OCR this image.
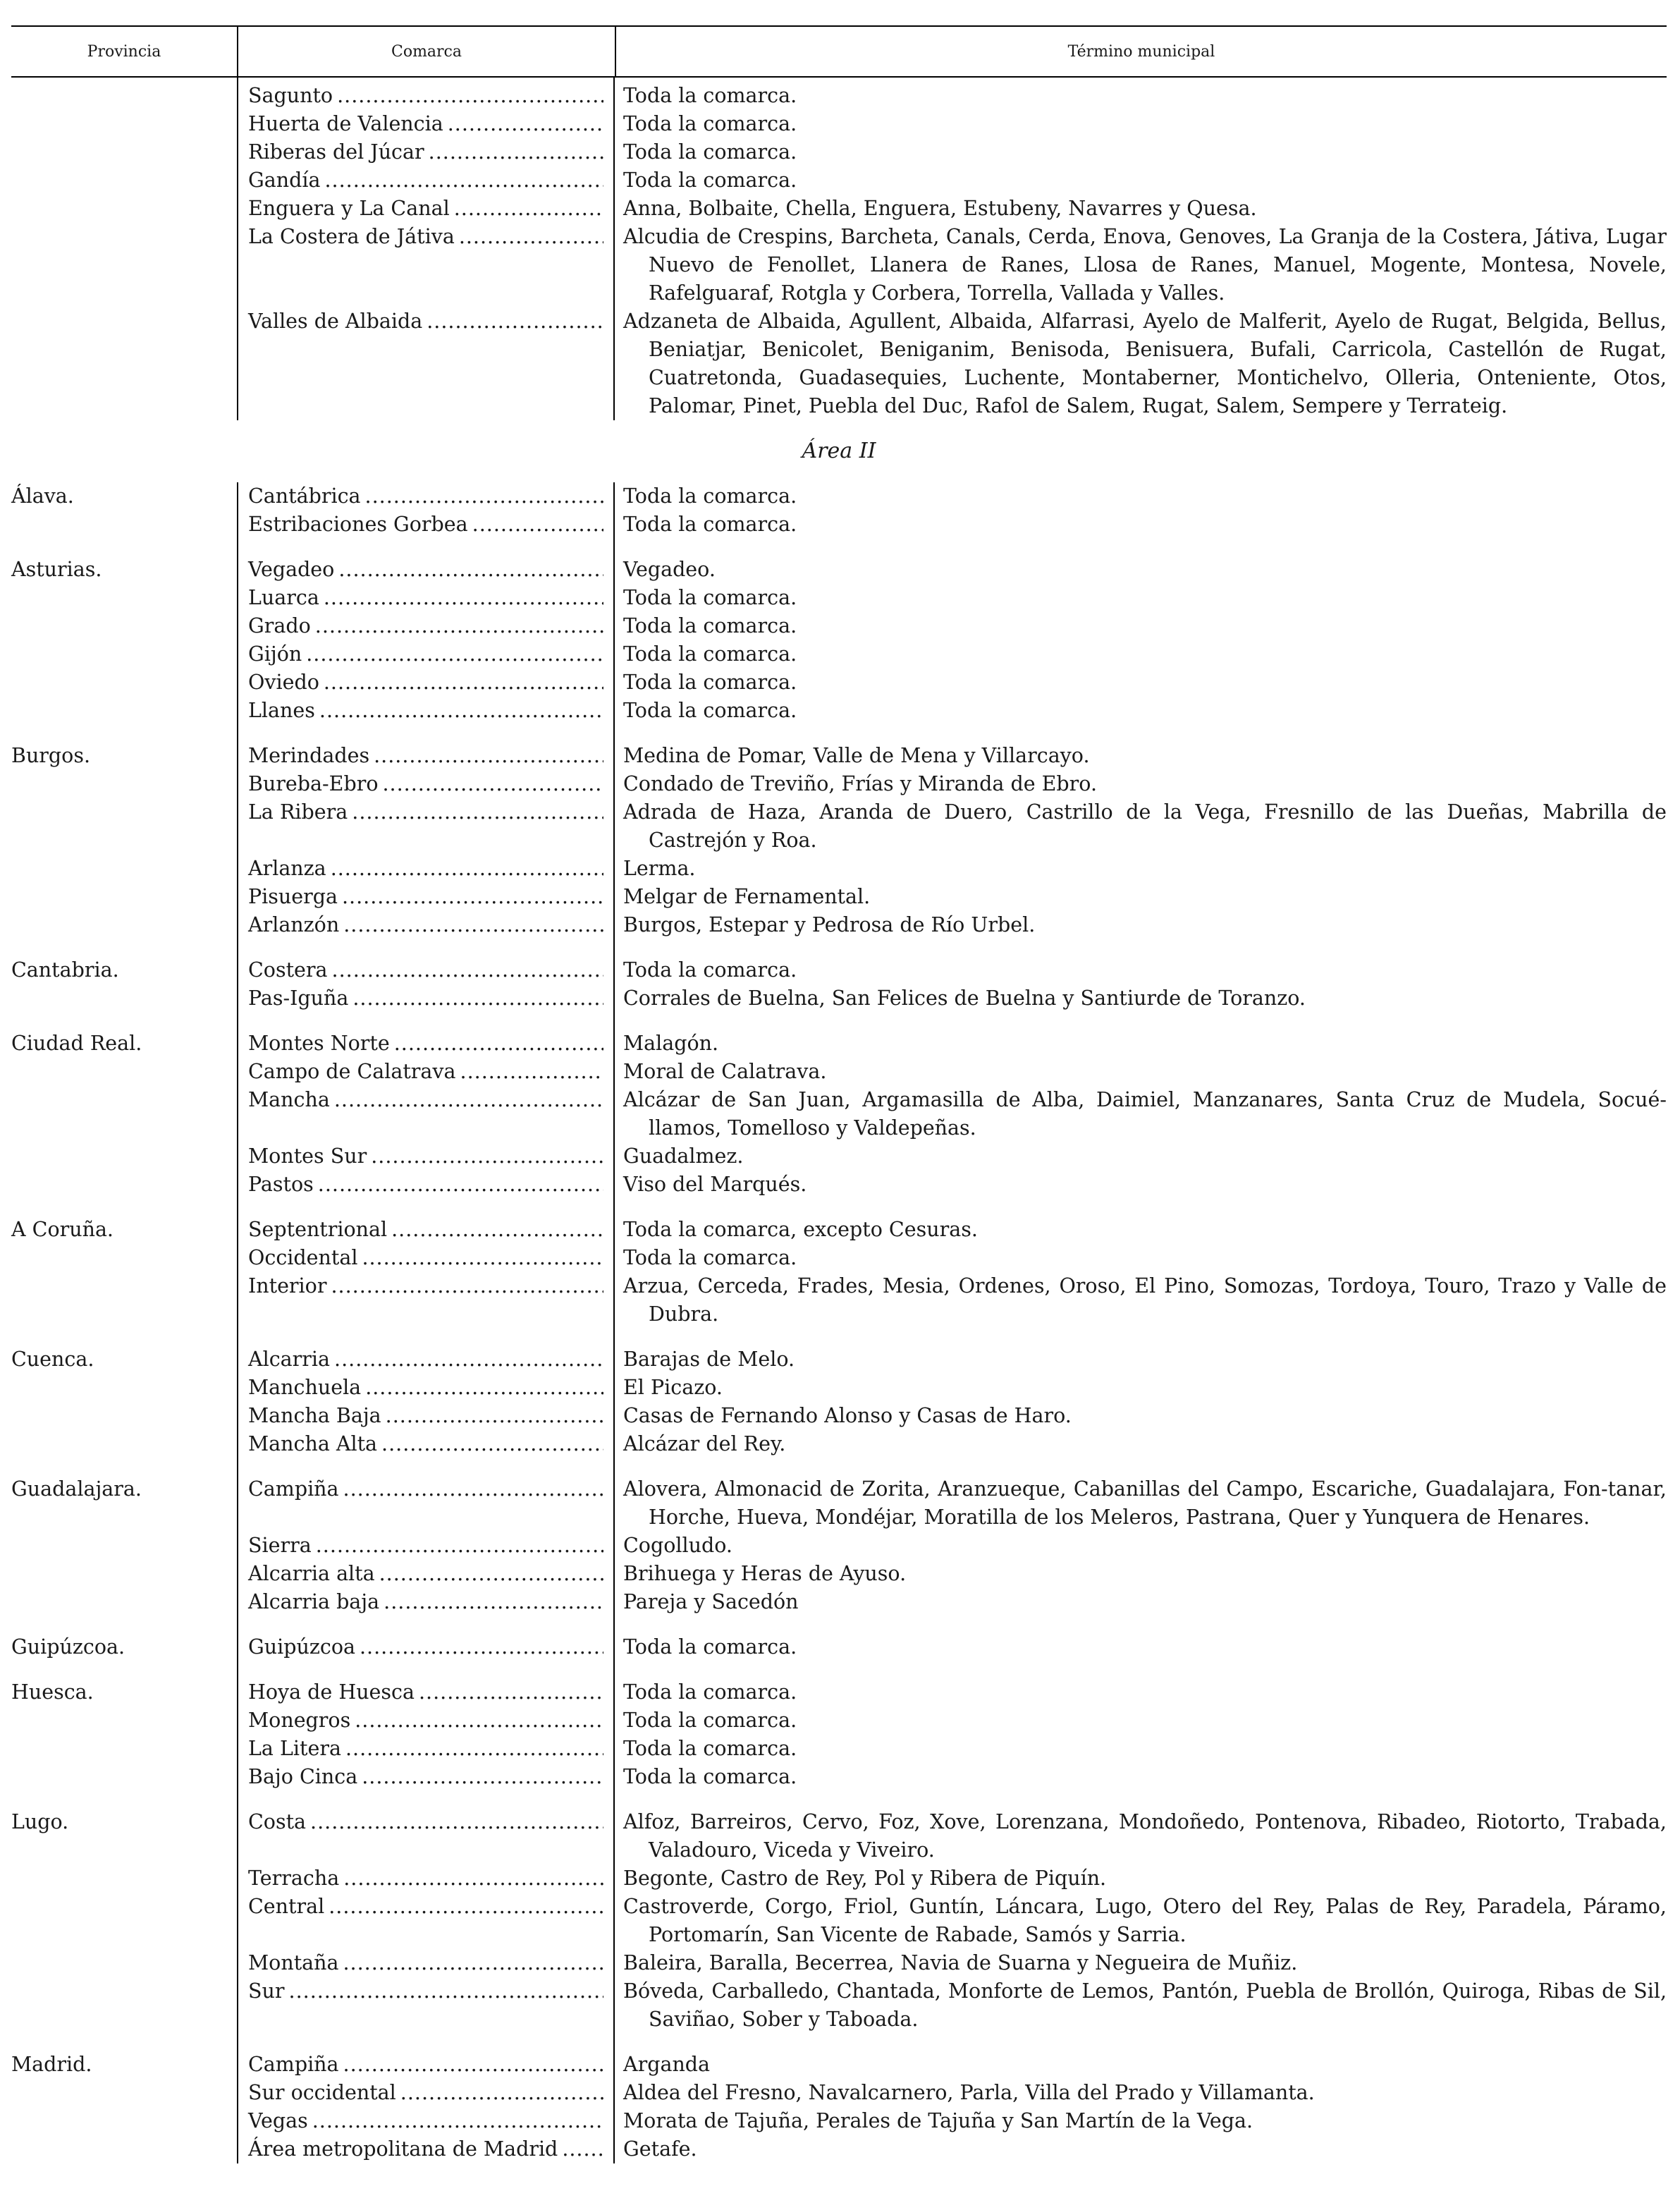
Provincia	Comarca	Término municipal
Sagunto .....	Toda la comarca.
Huerta de Valencia .....	Toda la comarca.
Riberas del Júcar .....	Toda la comarca.
Gandía .....	Toda la comarca.
Enguera y La Canal .....	Anna, Bolbaite, Chella, Enguera, Estubeny, Navarres y Quesa.
La Costera de Játiva .....	Alcudia de Crespins, Barcheta, Canals, Cerda, Enova, Genoves, La Granja de la Costera, Játiva, Lugar Nuevo de Fenollet, Llanera de Ranes, Llosa de Ranes, Manuel, Mogente, Montesa, Novele, Rafelguaraf, Rotgla y Corbera, Torrella, Vallada y Valles.
Valles de Albaida .....	Adzaneta de Albaida, Agullent, Albaida, Alfarrasi, Ayelo de Malferit, Ayelo de Rugat, Belgida, Bellus, Beniatjar, Benicolet, Beniganim, Benisoda, Benisuera, Bufali, Carricola, Castellón de Rugat, Cuatretonda, Guadasequies, Luchente, Montaberner, Montichelvo, Olleria, Onteniente, Otos, Palomar, Pinet, Puebla del Duc, Rafol de Salem, Rugat, Salem, Sempere y Terrateig.
Área II
Álava.	Cantábrica .....	Toda la comarca.
Estribaciones Gorbea .....	Toda la comarca.
Asturias.	Vegadeo .....	Vegadeo.
Luarca .....	Toda la comarca.
Grado .....	Toda la comarca.
Gijón .....	Toda la comarca.
Oviedo .....	Toda la comarca.
Llanes .....	Toda la comarca.
Burgos.	Merindades .....	Medina de Pomar, Valle de Mena y Villarcayo.
Bureba-Ebro .....	Condado de Treviño, Frías y Miranda de Ebro.
La Ribera .....	Adrada de Haza, Aranda de Duero, Castrillo de la Vega, Fresnillo de las Dueñas, Mabrilla de Castrejón y Roa.
Arlanza .....	Lerma.
Pisuerga .....	Melgar de Fernamental.
Arlanzón .....	Burgos, Estepar y Pedrosa de Río Urbel.
Cantabria.	Costera .....	Toda la comarca.
Pas-Iguña .....	Corrales de Buelna, San Felices de Buelna y Santiurde de Toranzo.
Ciudad Real.	Montes Norte .....	Malagón.
Campo de Calatrava .....	Moral de Calatrava.
Mancha .....	Alcázar de San Juan, Argamasilla de Alba, Daimiel, Manzanares, Santa Cruz de Mudela, Socué-llamos, Tomelloso y Valdepeñas.
Montes Sur .....	Guadalmez.
Pastos .....	Viso del Marqués.
A Coruña.	Septentrional .....	Toda la comarca, excepto Cesuras.
Occidental .....	Toda la comarca.
Interior .....	Arzua, Cerceda, Frades, Mesia, Ordenes, Oroso, El Pino, Somozas, Tordoya, Touro, Trazo y Valle de Dubra.
Cuenca.	Alcarria .....	Barajas de Melo.
Manchuela .....	El Picazo.
Mancha Baja .....	Casas de Fernando Alonso y Casas de Haro.
Mancha Alta .....	Alcázar del Rey.
Guadalajara.	Campiña .....	Alovera, Almonacid de Zorita, Aranzueque, Cabanillas del Campo, Escariche, Guadalajara, Fon-tanar, Horche, Hueva, Mondéjar, Moratilla de los Meleros, Pastrana, Quer y Yunquera de Henares.
Sierra .....	Cogolludo.
Alcarria alta .....	Brihuega y Heras de Ayuso.
Alcarria baja .....	Pareja y Sacedón
Guipúzcoa.	Guipúzcoa .....	Toda la comarca.
Huesca.	Hoya de Huesca .....	Toda la comarca.
Monegros .....	Toda la comarca.
La Litera .....	Toda la comarca.
Bajo Cinca .....	Toda la comarca.
Lugo.	Costa .....	Alfoz, Barreiros, Cervo, Foz, Xove, Lorenzana, Mondoñedo, Pontenova, Ribadeo, Riotorto, Trabada, Valadouro, Viceda y Viveiro.
Terracha .....	Begonte, Castro de Rey, Pol y Ribera de Piquín.
Central .....	Castroverde, Corgo, Friol, Guntín, Láncara, Lugo, Otero del Rey, Palas de Rey, Paradela, Páramo, Portomarín, San Vicente de Rabade, Samós y Sarria.
Montaña .....	Baleira, Baralla, Becerrea, Navia de Suarna y Negueira de Muñiz.
Sur .....	Bóveda, Carballedo, Chantada, Monforte de Lemos, Pantón, Puebla de Brollón, Quiroga, Ribas de Sil, Saviñao, Sober y Taboada.
Madrid.	Campiña .....	Arganda
Sur occidental .....	Aldea del Fresno, Navalcarnero, Parla, Villa del Prado y Villamanta.
Vegas .....	Morata de Tajuña, Perales de Tajuña y San Martín de la Vega.
Área metropolitana de Madrid .....	Getafe.
